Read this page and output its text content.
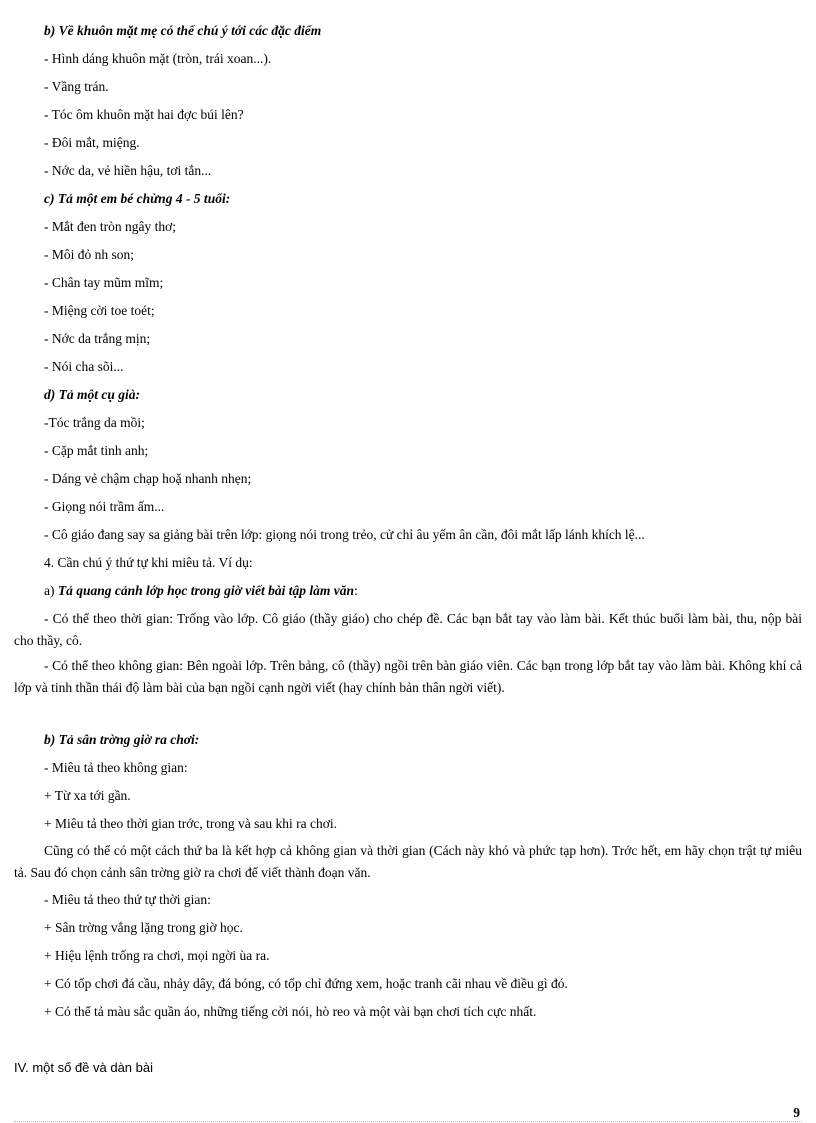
b) Về khuôn mặt mẹ có thể chú ý tới các đặc điểm
- Hình dáng khuôn mặt (tròn, trái xoan...).
- Vầng trán.
- Tóc ôm khuôn mặt hai đợc búi lên?
- Đôi mắt, miệng.
- Nớc da, vẻ hiền hậu, tơi tắn...
c) Tả một em bé chừng 4 - 5 tuổi:
- Mắt đen tròn ngây thơ;
- Môi đỏ nh son;
- Chân tay mũm mĩm;
- Miệng cời toe toét;
- Nớc da trắng mịn;
- Nói cha sõi...
d) Tả một cụ già:
-Tóc trắng da mồi;
- Cặp mắt tinh anh;
- Dáng vẻ chậm chạp hoặ nhanh nhẹn;
- Giọng nói trầm ấm...
- Cô giáo đang say sa giảng bài trên lớp: giọng nói trong trẻo, cử chỉ âu yếm ân cần, đôi mắt lấp lánh khích lệ...
4. Cần chú ý thứ tự khi miêu tả. Ví dụ:
a) Tả quang cảnh lớp học trong giờ viết bài tập làm văn:
- Có thể theo thời gian: Trống vào lớp. Cô giáo (thầy giáo) cho chép đề. Các bạn bắt tay vào làm bài. Kết thúc buổi làm bài, thu, nộp bài cho thầy, cô.
- Có thể theo không gian: Bên ngoài lớp. Trên bảng, cô (thầy) ngồi trên bàn giáo viên. Các bạn trong lớp bắt tay vào làm bài. Không khí cả lớp và tinh thần thái độ làm bài của bạn ngồi cạnh ngời viết (hay chính bản thân ngời viết).
b) Tả sân trờng giờ ra chơi:
- Miêu tả theo không gian:
+ Từ xa tới gần.
+ Miêu tả theo thời gian trớc, trong và sau khi ra chơi.
Cũng có thể có một cách thứ ba là kết hợp cả không gian và thời gian (Cách này khó và phức tạp hơn). Trớc hết, em hãy chọn trật tự miêu tả. Sau đó chọn cảnh sân trờng giờ ra chơi để viết thành đoạn văn.
- Miêu tả theo thứ tự thời gian:
+ Sân trờng vắng lặng trong giờ học.
+ Hiệu lệnh trống ra chơi, mọi ngời ùa ra.
+ Có tốp chơi đá cầu, nhảy dây, đá bóng, có tốp chỉ đứng xem, hoặc tranh cãi nhau về điều gì đó.
+ Có thể tả màu sắc quần áo, những tiếng cời nói, hò reo và một vài bạn chơi tích cực nhất.
IV. một số đề và dàn bài
9
